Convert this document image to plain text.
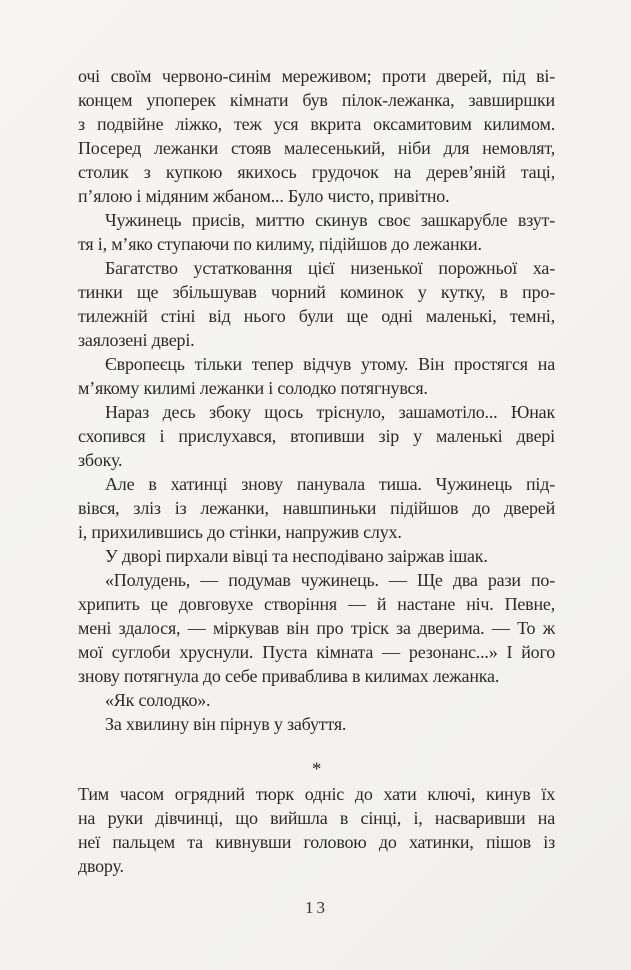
очі своїм червоно-синім мереживом; проти дверей, під ві-
концем упоперек кімнати був пілок-лежанка, завширшки
з подвійне ліжко, теж уся вкрита оксамитовим килимом.
Посеред лежанки стояв малесенький, ніби для немовлят,
столик з купкою якихось грудочок на дерев’яній таці,
п’ялою і мідяним жбаном... Було чисто, привітно.
Чужинець присів, миттю скинув своє зашкарубле взут-
тя і, м’яко ступаючи по килиму, підійшов до лежанки.
Багатство устатковання цієї низенької порожньої ха-
тинки ще збільшував чорний коминок у кутку, в про-
тилежній стіні від нього були ще одні маленькі, темні,
заялозені двері.
Європеєць тільки тепер відчув утому. Він простягся на
м’якому килимі лежанки і солодко потягнувся.
Нараз десь збоку щось тріснуло, зашамотіло... Юнак
схопився і прислухався, втопивши зір у маленькі двері
збоку.
Але в хатинці знову панувала тиша. Чужинець під-
вівся, зліз із лежанки, навшпиньки підійшов до дверей
і, прихилившись до стінки, напружив слух.
У дворі пирхали вівці та несподівано заіржав ішак.
«Полудень, — подумав чужинець. — Ще два рази по-
хрипить це довговухе створіння — й настане ніч. Певне,
мені здалося, — міркував він про тріск за дверима. — То ж
мої суглоби хруснули. Пуста кімната — резонанс...» І його
знову потягнула до себе приваблива в килимах лежанка.
«Як солодко».
За хвилину він пірнув у забуття.
*
Тим часом огрядний тюрк одніс до хати ключі, кинув їх
на руки дівчинці, що вийшла в сінці, і, насваривши на
неї пальцем та кивнувши головою до хатинки, пішов із
двору.
13
